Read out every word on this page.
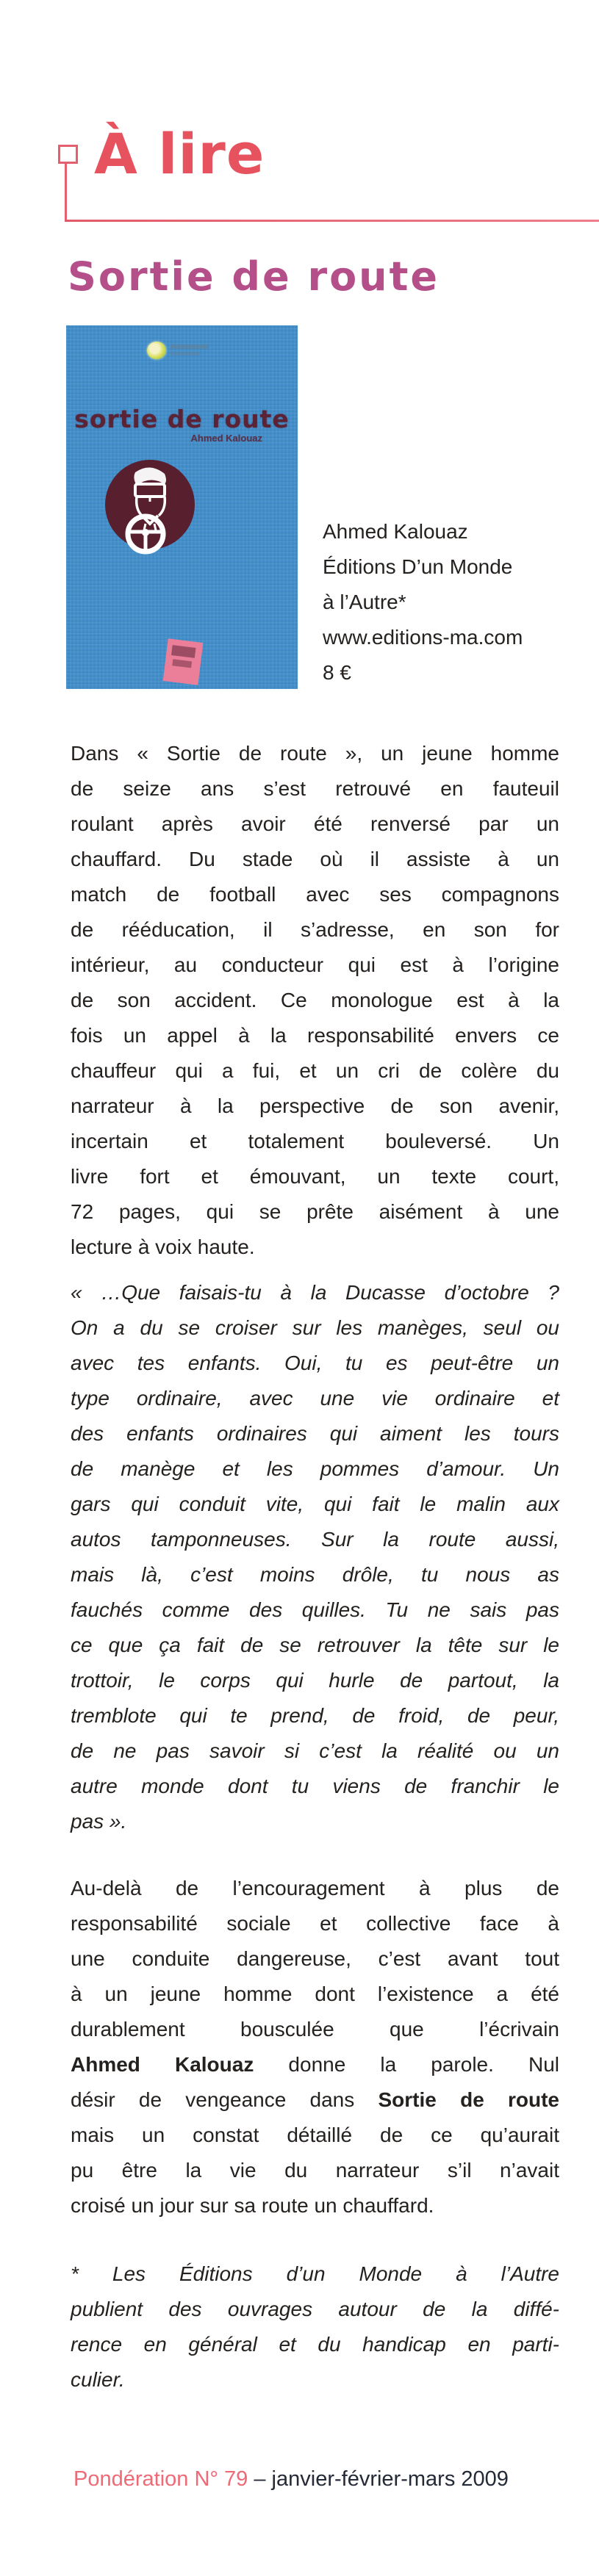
À lire
Sortie de route
sortie de route
Ahmed Kalouaz
Ahmed Kalouaz
Éditions D’un Monde
à l’Autre*
www.editions-ma.com
8 €

Dans « Sortie de route », un jeune homme
de seize ans s’est retrouvé en fauteuil
roulant après avoir été renversé par un
chauffard. Du stade où il assiste à un
match de football avec ses compagnons
de rééducation, il s’adresse, en son for
intérieur, au conducteur qui est à l’origine
de son accident. Ce monologue est à la
fois un appel à la responsabilité envers ce
chauffeur qui a fui, et un cri de colère du
narrateur à la perspective de son avenir,
incertain et totalement bouleversé. Un
livre fort et émouvant, un texte court,
72 pages, qui se prête aisément à une
lecture à voix haute.

« …Que faisais-tu à la Ducasse d’octobre ?
On a du se croiser sur les manèges, seul ou
avec tes enfants. Oui, tu es peut-être un
type ordinaire, avec une vie ordinaire et
des enfants ordinaires qui aiment les tours
de manège et les pommes d’amour. Un
gars qui conduit vite, qui fait le malin aux
autos tamponneuses. Sur la route aussi,
mais là, c’est moins drôle, tu nous as
fauchés comme des quilles. Tu ne sais pas
ce que ça fait de se retrouver la tête sur le
trottoir, le corps qui hurle de partout, la
tremblote qui te prend, de froid, de peur,
de ne pas savoir si c’est la réalité ou un
autre monde dont tu viens de franchir le
pas ».

Au-delà de l’encouragement à plus de
responsabilité sociale et collective face à
une conduite dangereuse, c’est avant tout
à un jeune homme dont l’existence a été
durablement bousculée que l’écrivain
Ahmed Kalouaz donne la parole. Nul
désir de vengeance dans Sortie de route
mais un constat détaillé de ce qu’aurait
pu être la vie du narrateur s’il n’avait
croisé un jour sur sa route un chauffard.

* Les Éditions d’un Monde à l’Autre
publient des ouvrages autour de la diffé-
rence en général et du handicap en parti-
culier.

Pondération N° 79 – janvier-février-mars 2009
